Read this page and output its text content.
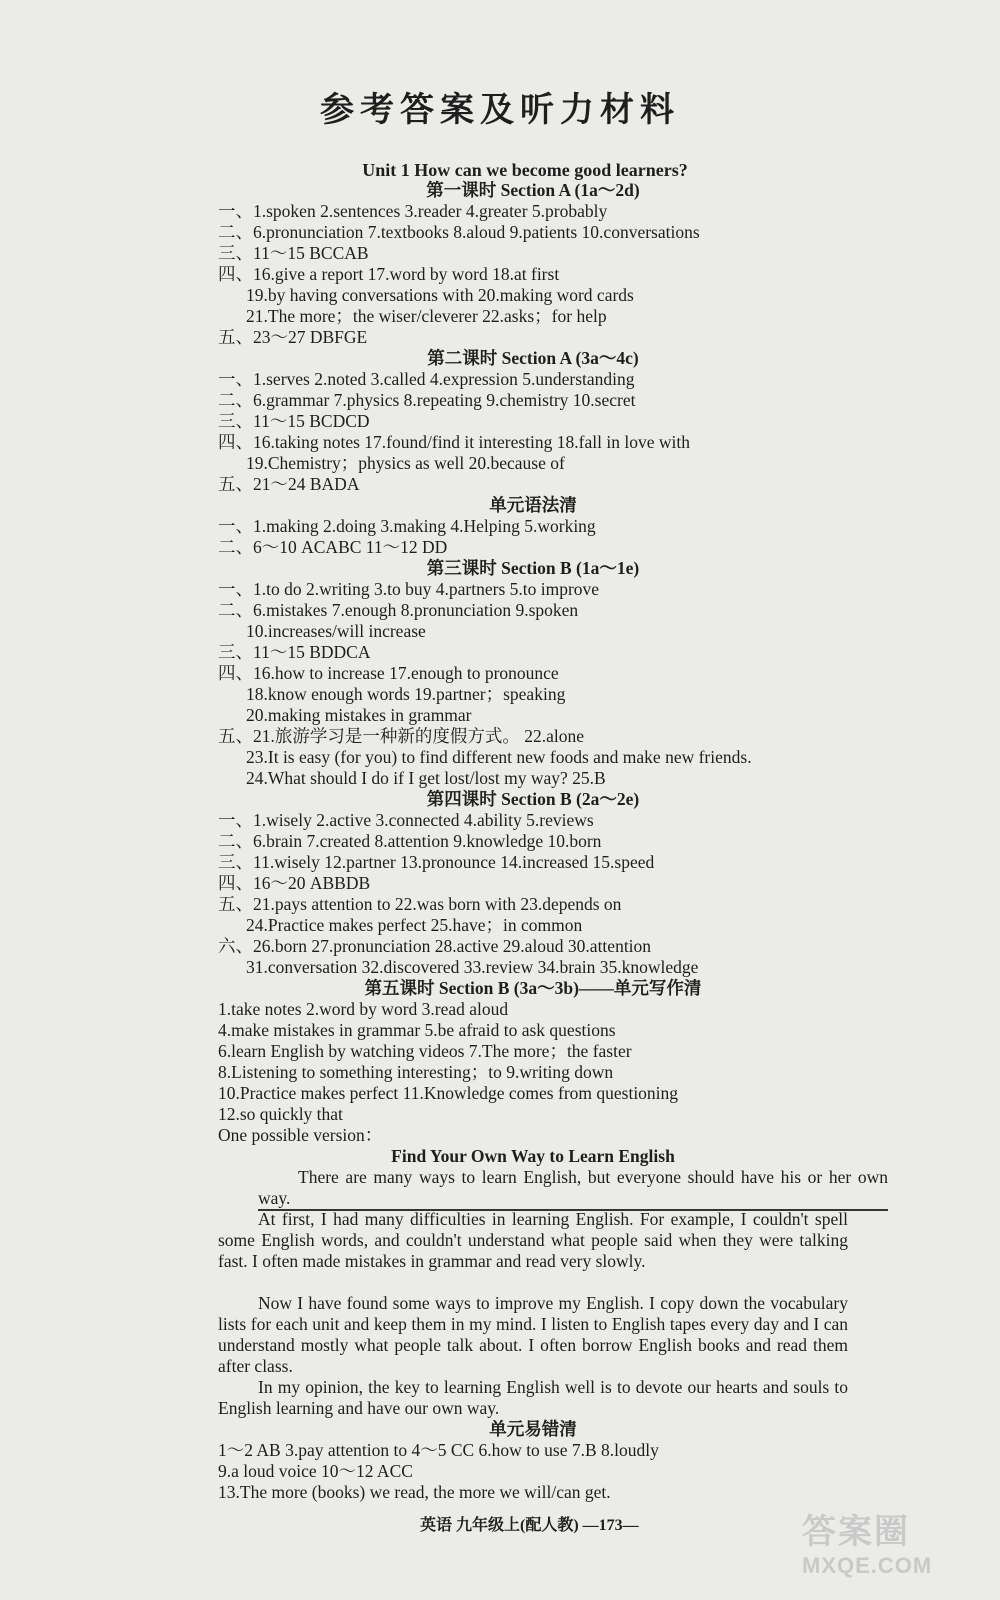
参考答案及听力材料
Unit 1 How can we become good learners?
第一课时 Section A (1a～2d)
一、1.spoken 2.sentences 3.reader 4.greater 5.probably
二、6.pronunciation 7.textbooks 8.aloud 9.patients 10.conversations
三、11～15 BCCAB
四、16.give a report 17.word by word 18.at first
19.by having conversations with 20.making word cards
21.The more；the wiser/cleverer 22.asks；for help
五、23～27 DBFGE
第二课时 Section A (3a～4c)
一、1.serves 2.noted 3.called 4.expression 5.understanding
二、6.grammar 7.physics 8.repeating 9.chemistry 10.secret
三、11～15 BCDCD
四、16.taking notes 17.found/find it interesting 18.fall in love with
19.Chemistry；physics as well 20.because of
五、21～24 BADA
单元语法清
一、1.making 2.doing 3.making 4.Helping 5.working
二、6～10 ACABC 11～12 DD
第三课时 Section B (1a～1e)
一、1.to do 2.writing 3.to buy 4.partners 5.to improve
二、6.mistakes 7.enough 8.pronunciation 9.spoken
10.increases/will increase
三、11～15 BDDCA
四、16.how to increase 17.enough to pronounce
18.know enough words 19.partner；speaking
20.making mistakes in grammar
五、21.旅游学习是一种新的度假方式。 22.alone
23.It is easy (for you) to find different new foods and make new friends.
24.What should I do if I get lost/lost my way? 25.B
第四课时 Section B (2a～2e)
一、1.wisely 2.active 3.connected 4.ability 5.reviews
二、6.brain 7.created 8.attention 9.knowledge 10.born
三、11.wisely 12.partner 13.pronounce 14.increased 15.speed
四、16～20 ABBDB
五、21.pays attention to 22.was born with 23.depends on
24.Practice makes perfect 25.have；in common
六、26.born 27.pronunciation 28.active 29.aloud 30.attention
31.conversation 32.discovered 33.review 34.brain 35.knowledge
第五课时 Section B (3a～3b)——单元写作清
1.take notes 2.word by word 3.read aloud
4.make mistakes in grammar 5.be afraid to ask questions
6.learn English by watching videos 7.The more；the faster
8.Listening to something interesting；to 9.writing down
10.Practice makes perfect 11.Knowledge comes from questioning
12.so quickly that
One possible version：
Find Your Own Way to Learn English
There are many ways to learn English, but everyone should have his or her own way.
At first, I had many difficulties in learning English. For example, I couldn't spell some English words, and couldn't understand what people said when they were talking fast. I often made mistakes in grammar and read very slowly.
Now I have found some ways to improve my English. I copy down the vocabulary lists for each unit and keep them in my mind. I listen to English tapes every day and I can understand mostly what people talk about. I often borrow English books and read them after class.
In my opinion, the key to learning English well is to devote our hearts and souls to English learning and have our own way.
单元易错清
1～2 AB 3.pay attention to 4～5 CC 6.how to use 7.B 8.loudly
9.a loud voice 10～12 ACC
13.The more (books) we read, the more we will/can get.
英语 九年级上(配人教) —173—	答案圈
MXQE.COM
